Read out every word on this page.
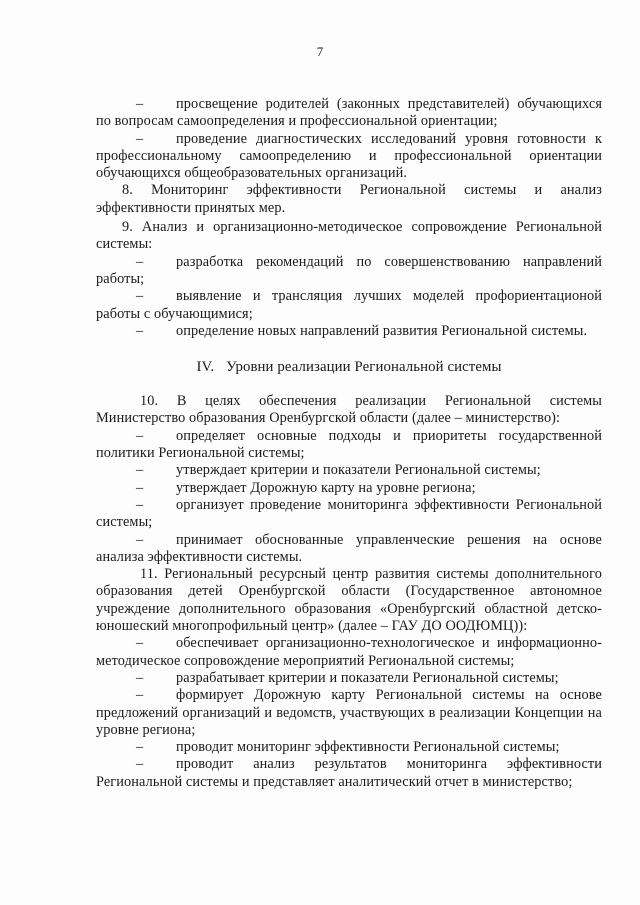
7
–	просвещение родителей (законных представителей) обучающихся по вопросам самоопределения и профессиональной ориентации;

–	проведение диагностических исследований уровня готовности к профессиональному самоопределению и профессиональной ориентации обучающихся общеобразовательных организаций.

8. Мониторинг эффективности Региональной системы и анализ эффективности принятых мер.

9. Анализ и организационно-методическое сопровождение Региональной системы:

–	разработка рекомендаций по совершенствованию направлений работы;

–	выявление и трансляция лучших моделей профориентационой работы с обучающимися;

–	определение новых направлений развития Региональной системы.

IV. Уровни реализации Региональной системы

10. В целях обеспечения реализации Региональной системы Министерство образования Оренбургской области (далее – министерство):

–	определяет основные подходы и приоритеты государственной политики Региональной системы;

–	утверждает критерии и показатели Региональной системы;

–	утверждает Дорожную карту на уровне региона;

–	организует проведение мониторинга эффективности Региональной системы;

–	принимает обоснованные управленческие решения на основе анализа эффективности системы.

11. Региональный ресурсный центр развития системы дополнительного образования детей Оренбургской области (Государственное автономное учреждение дополнительного образования «Оренбургский областной детско-юношеский многопрофильный центр» (далее – ГАУ ДО ООДЮМЦ)):

–	обеспечивает организационно-технологическое и информационно-методическое сопровождение мероприятий Региональной системы;

–	разрабатывает критерии и показатели Региональной системы;

–	формирует Дорожную карту Региональной системы на основе предложений организаций и ведомств, участвующих в реализации Концепции на уровне региона;

–	проводит мониторинг эффективности Региональной системы;

–	проводит анализ результатов мониторинга эффективности Региональной системы и представляет аналитический отчет в министерство;
